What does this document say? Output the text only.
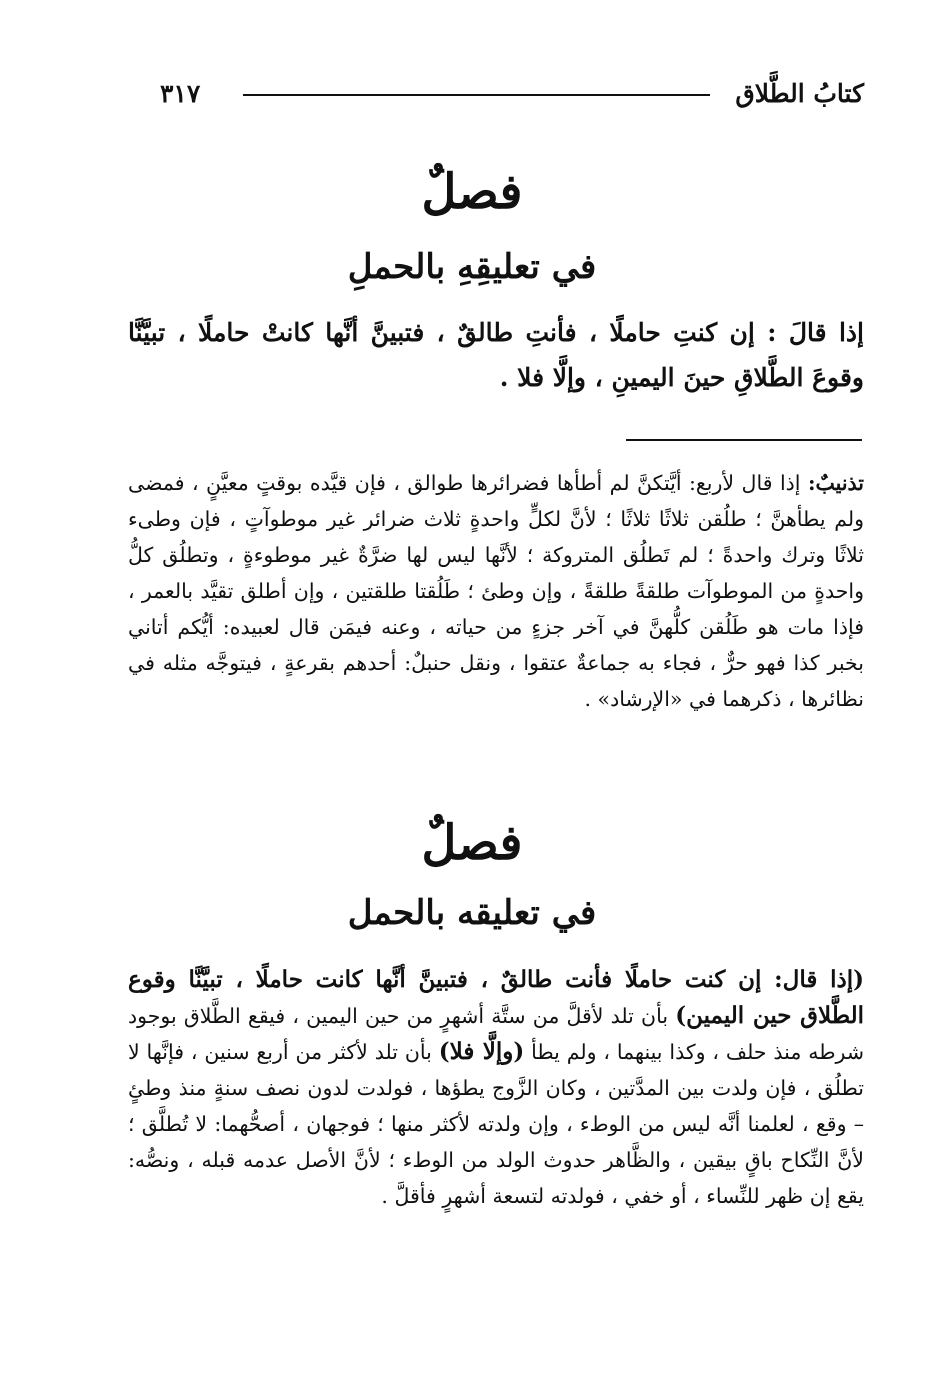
كتابُ الطَّلاق
٣١٧
فصلٌ
في تعليقِهِ بالحملِ
إذا قالَ : إن كنتِ حاملًا ، فأنتِ طالقٌ ، فتبينَّ أنَّها كانتْ حاملًا ، تبيَّنَّا وقوعَ الطَّلاقِ حينَ اليمينِ ، وإلَّا فلا .
تذنيبٌ: إذا قال لأربع: أيَّتكنَّ لم أطأها فضرائرها طوالق ، فإن قيَّده بوقتٍ معيَّنٍ ، فمضى ولم يطأهنَّ ؛ طلُقن ثلاثًا ثلاثًا ؛ لأنَّ لكلٍّ واحدةٍ ثلاث ضرائر غير موطوآتٍ ، فإن وطىء ثلاثًا وترك واحدةً ؛ لم تَطلُق المتروكة ؛ لأنَّها ليس لها ضرَّةٌ غير موطوءةٍ ، وتطلُق كلُّ واحدةٍ من الموطوآت طلقةً طلقةً ، وإن وطئ ؛ طَلُقتا طلقتين ، وإن أطلق تقيَّد بالعمر ، فإذا مات هو طَلُقن كلُّهنَّ في آخر جزءٍ من حياته ، وعنه فيمَن قال لعبيده: أيُّكم أتاني بخبر كذا فهو حرٌّ ، فجاء به جماعةٌ عتقوا ، ونقل حنبلٌ: أحدهم بقرعةٍ ، فيتوجَّه مثله في نظائرها ، ذكرهما في «الإرشاد» .
فصلٌ
في تعليقه بالحمل
(إذا قال: إن كنت حاملًا فأنت طالقٌ ، فتبينَّ أنَّها كانت حاملًا ، تبيَّنَّا وقوع الطَّلاق حين اليمين) بأن تلد لأقلَّ من ستَّة أشهرٍ من حين اليمين ، فيقع الطَّلاق بوجود شرطه منذ حلف ، وكذا بينهما ، ولم يطأ (وإلَّا فلا) بأن تلد لأكثر من أربع سنين ، فإنَّها لا تطلُق ، فإن ولدت بين المدَّتين ، وكان الزَّوج يطؤها ، فولدت لدون نصف سنةٍ منذ وطئٍ – وقع ، لعلمنا أنَّه ليس من الوطء ، وإن ولدته لأكثر منها ؛ فوجهان ، أصحُّهما: لا تُطلَّق ؛ لأنَّ النِّكاح باقٍ بيقين ، والظَّاهر حدوث الولد من الوطء ؛ لأنَّ الأصل عدمه قبله ، ونصُّه: يقع إن ظهر للنِّساء ، أو خفي ، فولدته لتسعة أشهرٍ فأقلَّ .
